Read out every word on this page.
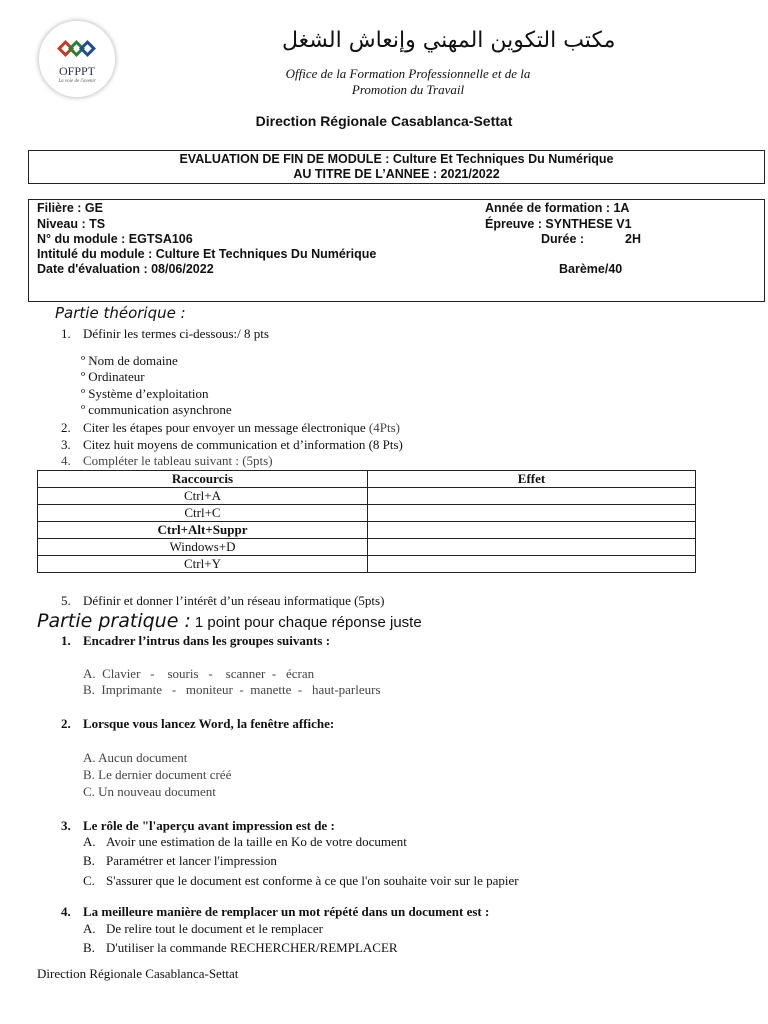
OFPPT
La voie de l'avenir
مكتب التكوين المهني وإنعاش الشغل
Office de la Formation Professionnelle et de la
Promotion du Travail
Direction Régionale Casablanca-Settat
EVALUATION DE FIN DE MODULE : Culture Et Techniques Du Numérique
AU TITRE DE L’ANNEE : 2021/2022
Filière : GE
Niveau : TS
N° du module : EGTSA106
Intitulé du module : Culture Et Techniques Du Numérique
Date d'évaluation : 08/06/2022
Année de formation : 1A
Épreuve : SYNTHESE V1
Durée :	2H
Barème/40
Partie théorique :
1. Définir les termes ci-dessous:/ 8 pts
º Nom de domaine
º Ordinateur
º Système d’exploitation
º communication asynchrone
2. Citer les étapes pour envoyer un message électronique (4Pts)
3. Citez huit moyens de communication et d’information (8 Pts)
4. Compléter le tableau suivant : (5pts)
Raccourcis	Effet
Ctrl+A	
Ctrl+C	
Ctrl+Alt+Suppr	
Windows+D	
Ctrl+Y	
5. Définir et donner l’intérêt d’un réseau informatique (5pts)
Partie pratique : 1 point pour chaque réponse juste
1. Encadrer l’intrus dans les groupes suivants :
A. Clavier   -    souris   -    scanner  -   écran
B. Imprimante   -   moniteur  -  manette  -   haut-parleurs
2. Lorsque vous lancez Word, la fenêtre affiche:
A. Aucun document
B. Le dernier document créé
C. Un nouveau document
3. Le rôle de "l'aperçu avant impression est de :
A. Avoir une estimation de la taille en Ko de votre document
B. Paramétrer et lancer l'impression
C. S'assurer que le document est conforme à ce que l'on souhaite voir sur le papier
4. La meilleure manière de remplacer un mot répété dans un document est :
A. De relire tout le document et le remplacer
B. D'utiliser la commande RECHERCHER/REMPLACER
Direction Régionale Casablanca-Settat
